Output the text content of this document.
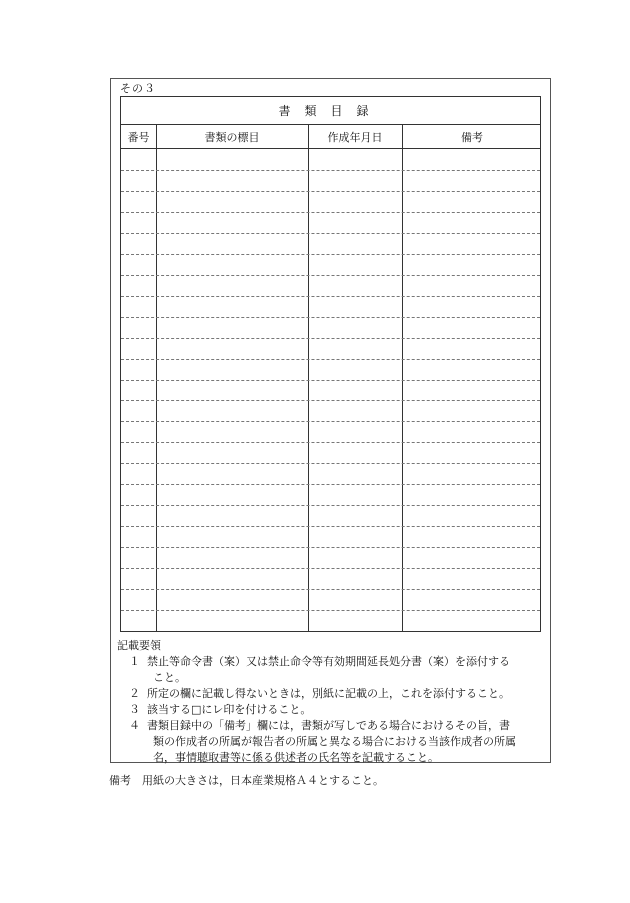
その３
書類目録
番号	書類の標目	作成年月日	備考
記載要領
１ 禁止等命令書（案）又は禁止命令等有効期間延長処分書（案）を添付する
こと。
２ 所定の欄に記載し得ないときは，別紙に記載の上，これを添付すること。
３ 該当する□にレ印を付けること。
４ 書類目録中の「備考」欄には，書類が写しである場合におけるその旨，書
類の作成者の所属が報告者の所属と異なる場合における当該作成者の所属
名，事情聴取書等に係る供述者の氏名等を記載すること。
備考　用紙の大きさは，日本産業規格Ａ４とすること。
